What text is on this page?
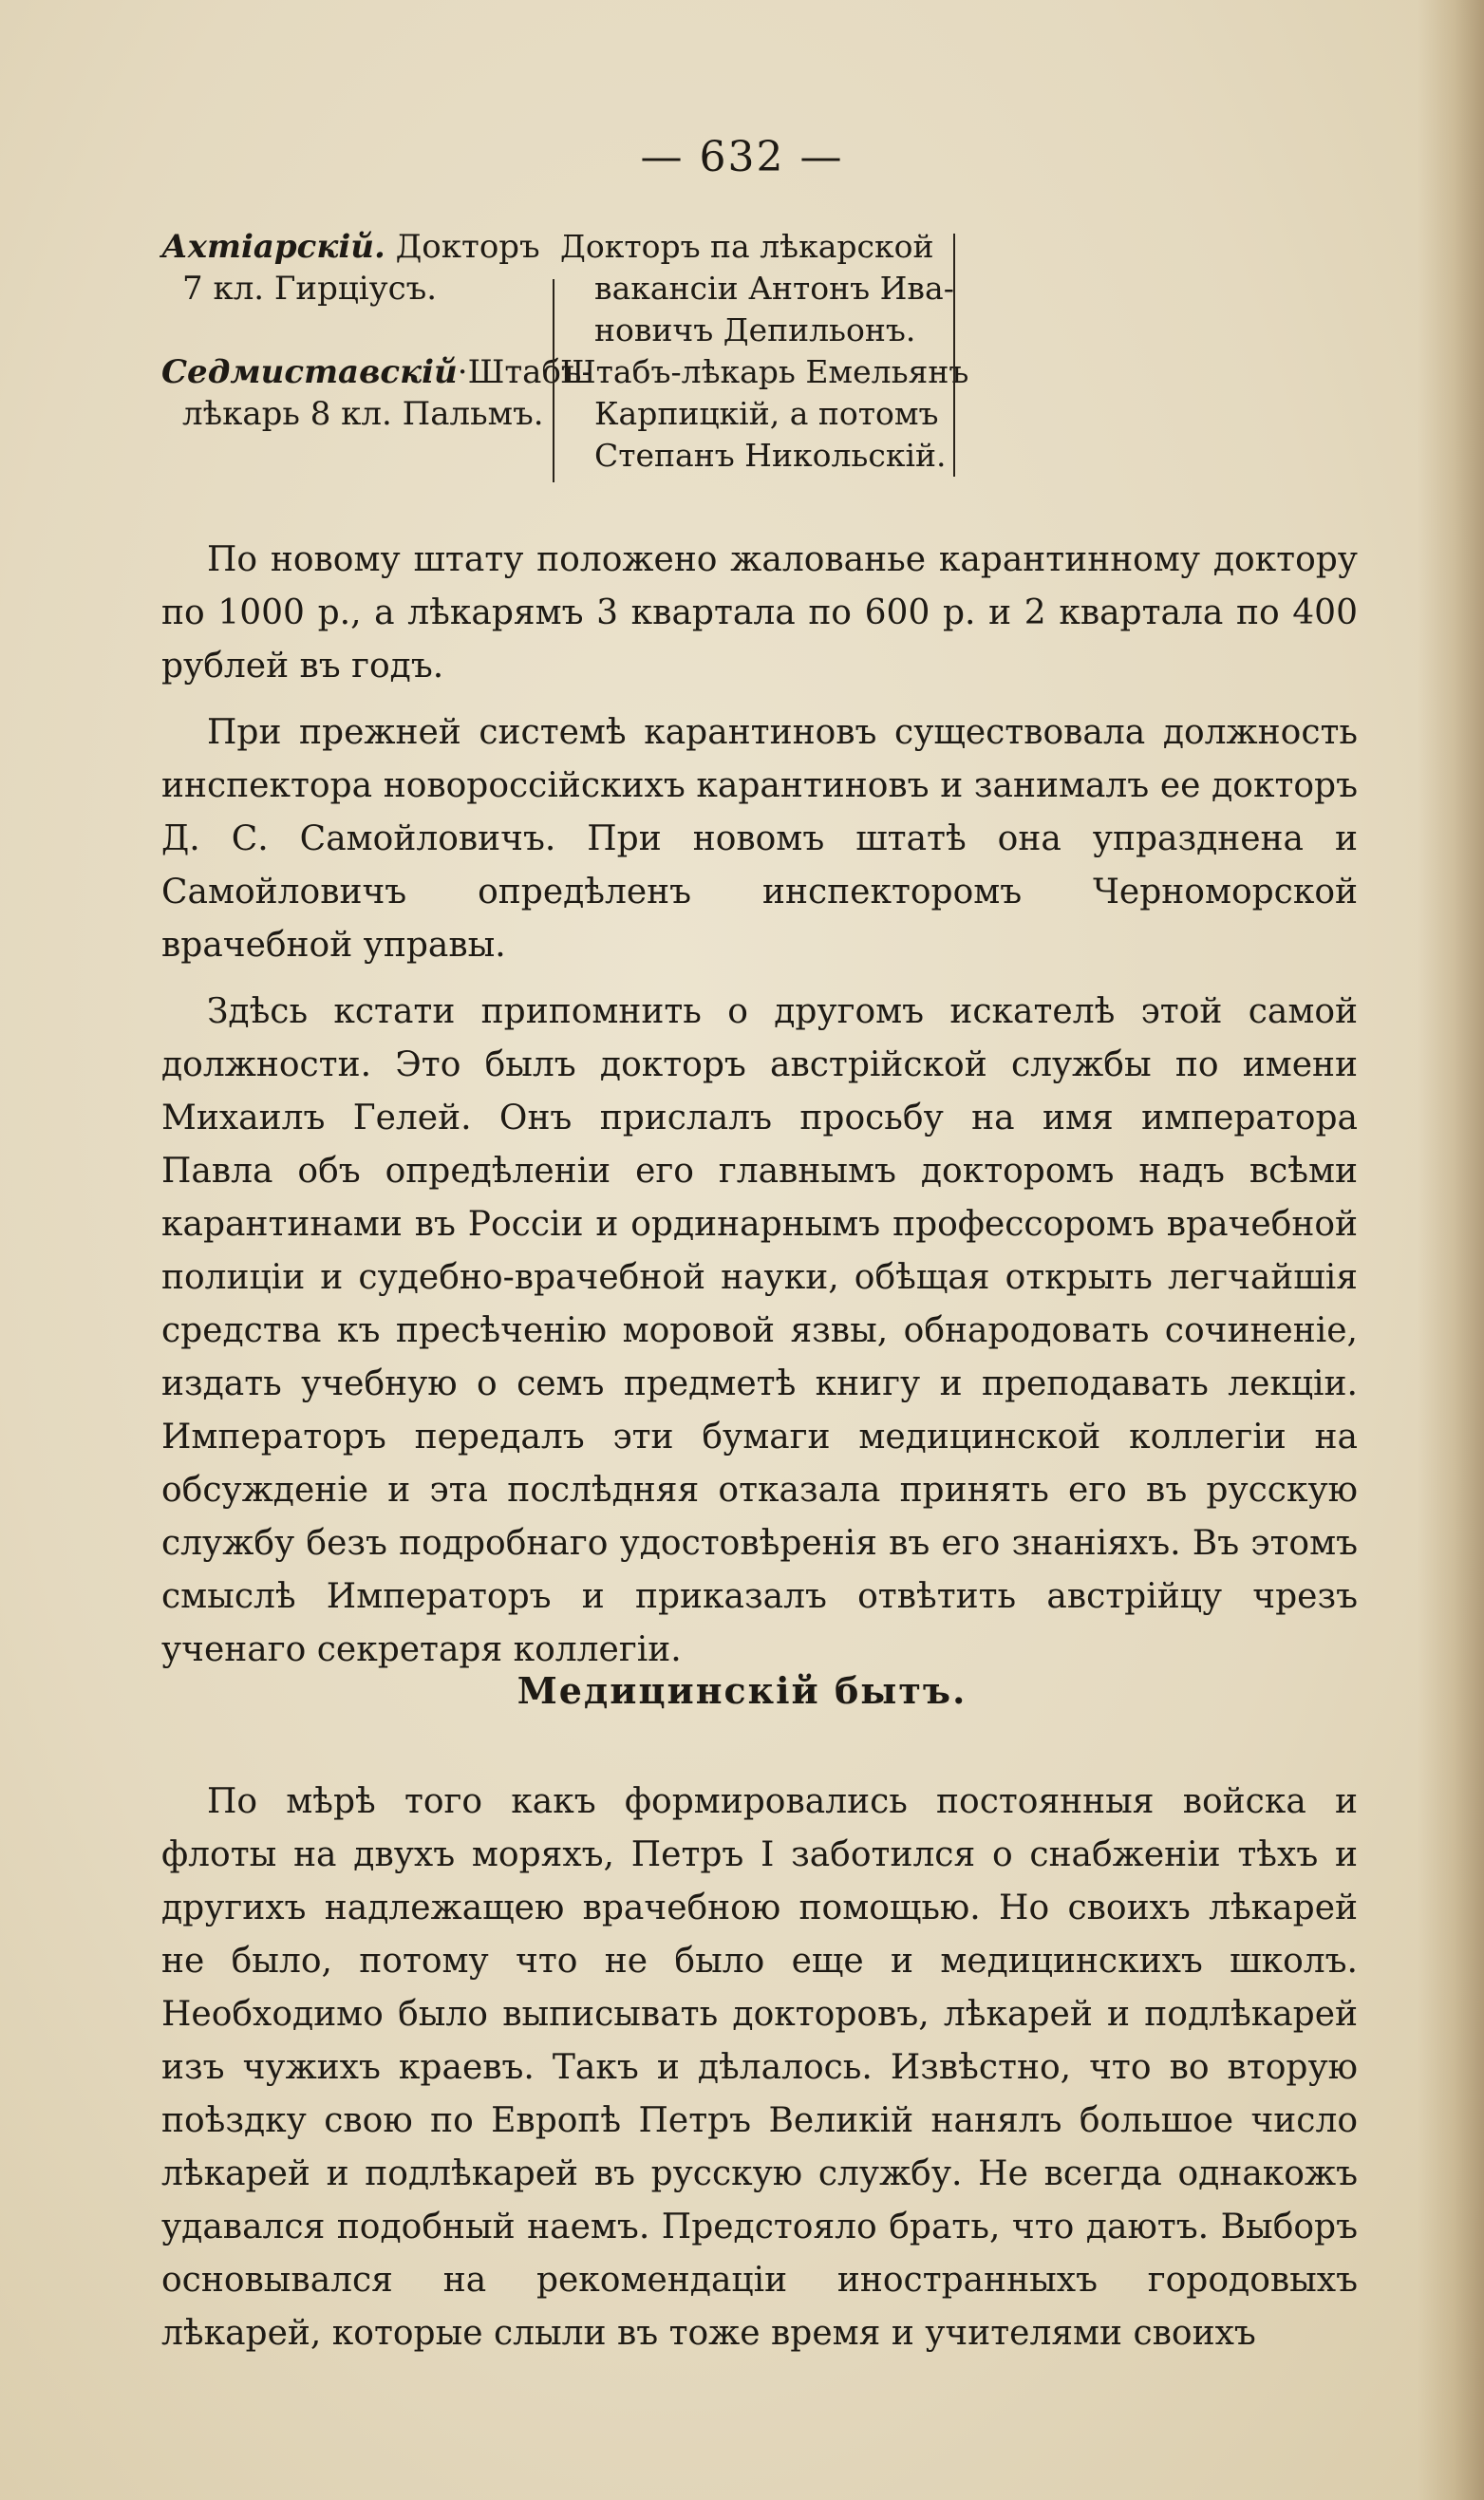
— 632 —
Ахтіарскій. Докторъ
7 кл. Гирціусъ.
Седмиставскій·Штабъ-
лѣкарь 8 кл. Пальмъ.
Докторъ па лѣкарской
вакансіи Антонъ Ива-
новичъ Депильонъ.
Штабъ-лѣкарь Емельянъ
Карпицкій, а потомъ
Степанъ Никольскій.

По новому штату положено жалованье карантинному доктору по 1000 р., а лѣкарямъ 3 квартала по 600 р. и 2 квартала по 400 рублей въ годъ.

При прежней системѣ карантиновъ существовала должность инспектора новороссійскихъ карантиновъ и занималъ ее докторъ Д. С. Самойловичъ. При новомъ штатѣ она упразднена и Самойловичъ опредѣленъ инспекторомъ Черноморской врачебной управы.

Здѣсь кстати припомнить о другомъ искателѣ этой самой должности. Это былъ докторъ австрійской службы по имени Михаилъ Гелей. Онъ прислалъ просьбу на имя императора Павла объ опредѣленіи его главнымъ докторомъ надъ всѣми карантинами въ Россіи и ординарнымъ профессоромъ врачебной полиціи и судебно-врачебной науки, обѣщая открыть легчайшія средства къ пресѣченію моровой язвы, обнародовать сочиненіе, издать учебную о семъ предметѣ книгу и преподавать лекціи. Императоръ передалъ эти бумаги медицинской коллегіи на обсужденіе и эта послѣдняя отказала принять его въ русскую службу безъ подробнаго удостовѣренія въ его знаніяхъ. Въ этомъ смыслѣ Императоръ и приказалъ отвѣтить австрійцу чрезъ ученаго секретаря коллегіи.

Медицинскій бытъ.

По мѣрѣ того какъ формировались постоянныя войска и флоты на двухъ моряхъ, Петръ I заботился о снабженіи тѣхъ и другихъ надлежащею врачебною помощью. Но своихъ лѣкарей не было, потому что не было еще и медицинскихъ школъ. Необходимо было выписывать докторовъ, лѣкарей и подлѣкарей изъ чужихъ краевъ. Такъ и дѣлалось. Извѣстно, что во вторую поѣздку свою по Европѣ Петръ Великій нанялъ большое число лѣкарей и подлѣкарей въ русскую службу. Не всегда однакожъ удавался подобный наемъ. Предстояло брать, что даютъ. Выборъ основывался на рекомендаціи иностранныхъ городовыхъ лѣкарей, которые слыли въ тоже время и учителями своихъ
